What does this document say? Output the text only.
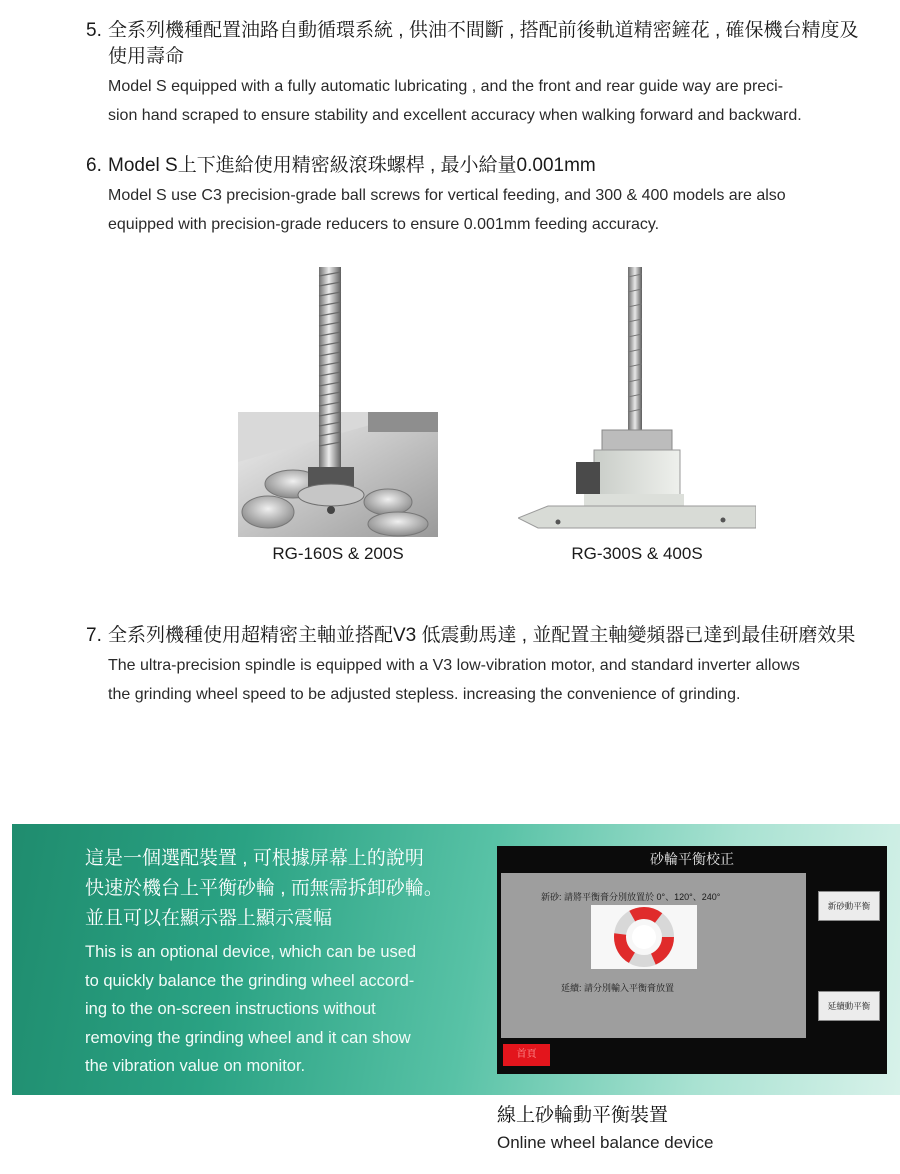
5. 全系列機種配置油路自動循環系統 , 供油不間斷 , 搭配前後軌道精密鏟花 , 確保機台精度及
使用壽命
Model S equipped with a fully automatic lubricating , and the front and rear guide way are preci-
sion hand scraped to ensure stability and excellent accuracy when walking forward and backward.
6. Model S上下進給使用精密級滾珠螺桿 , 最小給量0.001mm
Model S use C3 precision-grade ball screws for vertical feeding, and 300 & 400 models are also
equipped with precision-grade reducers to ensure 0.001mm feeding accuracy.
RG-160S & 200S	RG-300S & 400S
7. 全系列機種使用超精密主軸並搭配V3 低震動馬達 , 並配置主軸變頻器已達到最佳研磨效果
The ultra-precision spindle is equipped with a V3 low-vibration motor, and standard inverter allows
the grinding wheel speed to be adjusted stepless. increasing the convenience of grinding.
這是一個選配裝置 , 可根據屏幕上的說明
快速於機台上平衡砂輪 , 而無需拆卸砂輪。
並且可以在顯示器上顯示震幅
This is an optional device, which can be used
to quickly balance the grinding wheel accord-
ing to the on-screen instructions without
removing the grinding wheel and it can show
the vibration value on monitor.
砂輪平衡校正
新砂: 請將平衡膏分別放置於 0°、120°、240°
延續: 請分別輸入平衡膏放置
新砂動平衡
延續動平衡
首頁
線上砂輪動平衡裝置
Online wheel balance device
